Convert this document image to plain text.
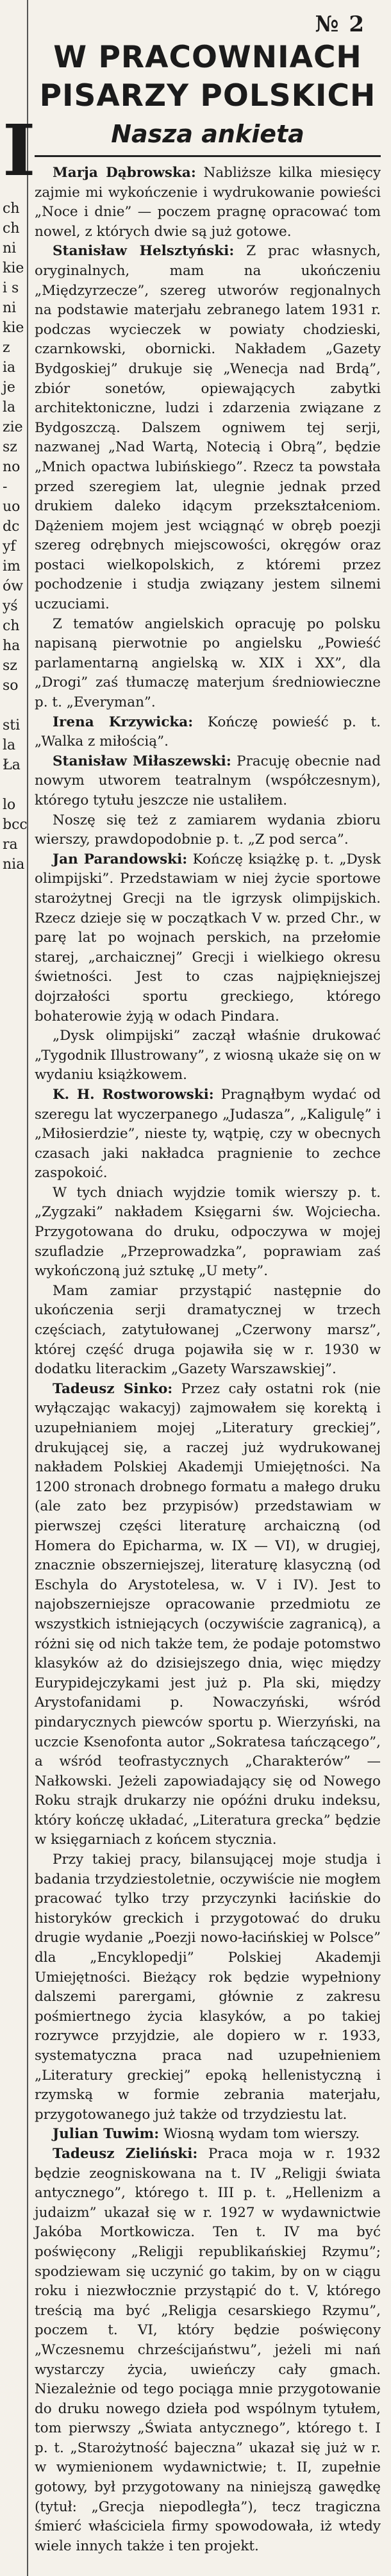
№ 2
I
ch
ch
ni
kie
i s
ni
kie
z
ia
je
la
zie
sz
no
-
uo
dc
yf
im
ów
yś
ch
ha
sz
so

sti
la
Ła

lo
bcc
ra
nia
W PRACOWNIACH
PISARZY POLSKICH
Nasza ankieta

Marja Dąbrowska: Nabliższe kilka miesięcy zajmie mi wykończenie i wydrukowanie powieści „Noce i dnie” — poczem pragnę opracować tom nowel, z których dwie są już gotowe.

Stanisław Helsztyński: Z prac własnych, oryginalnych, mam na ukończeniu „Międzyrzecze”, szereg utworów regjonalnych na podstawie materjału zebranego latem 1931 r. podczas wycieczek w powiaty chodzieski, czarnkowski, obornicki. Nakładem „Gazety Bydgoskiej” drukuje się „Wenecja nad Brdą”, zbiór sonetów, opiewających zabytki architektoniczne, ludzi i zdarzenia związane z Bydgoszczą. Dalszem ogniwem tej serji, nazwanej „Nad Wartą, Notecią i Obrą”, będzie „Mnich opactwa lubińskiego”. Rzecz ta powstała przed szeregiem lat, ulegnie jednak przed drukiem daleko idącym przekształceniom. Dążeniem mojem jest wciągnąć w obręb poezji szereg odrębnych miejscowości, okręgów oraz postaci wielkopolskich, z któremi przez pochodzenie i studja związany jestem silnemi uczuciami.

Z tematów angielskich opracuję po polsku napisaną pierwotnie po angielsku „Powieść parlamentarną angielską w. XIX i XX”, dla „Drogi” zaś tłumaczę materjum średniowieczne p. t. „Everyman”.

Irena Krzywicka: Kończę powieść p. t. „Walka z miłością”.

Stanisław Miłaszewski: Pracuję obecnie nad nowym utworem teatralnym (współczesnym), którego tytułu jeszcze nie ustaliłem.

Noszę się też z zamiarem wydania zbioru wierszy, prawdopodobnie p. t. „Z pod serca”.

Jan Parandowski: Kończę książkę p. t. „Dysk olimpijski”. Przedstawiam w niej życie sportowe starożytnej Grecji na tle igrzysk olimpijskich. Rzecz dzieje się w początkach V w. przed Chr., w parę lat po wojnach perskich, na przełomie starej, „archaicznej” Grecji i wielkiego okresu świetności. Jest to czas najpiękniejszej dojrzałości sportu greckiego, którego bohaterowie żyją w odach Pindara.

„Dysk olimpijski” zaczął właśnie drukować „Tygodnik Illustrowany”, z wiosną ukaże się on w wydaniu książkowem.

K. H. Rostworowski: Pragnąłbym wydać od szeregu lat wyczerpanego „Judasza”, „Kaligulę” i „Miłosierdzie”, nieste ty, wątpię, czy w obecnych czasach jaki nakładca pragnienie to zechce zaspokoić.

W tych dniach wyjdzie tomik wierszy p. t. „Zygzaki” nakładem Księgarni św. Wojciecha. Przygotowana do druku, odpoczywa w mojej szufladzie „Przeprowadzka”, poprawiam zaś wykończoną już sztukę „U mety”.

Mam zamiar przystąpić następnie do ukończenia serji dramatycznej w trzech częściach, zatytułowanej „Czerwony marsz”, której część druga pojawiła się w r. 1930 w dodatku literackim „Gazety Warszawskiej”.

Tadeusz Sinko: Przez cały ostatni rok (nie wyłączając wakacyj) zajmowałem się korektą i uzupełnianiem mojej „Literatury greckiej”, drukującej się, a raczej już wydrukowanej nakładem Polskiej Akademji Umiejętności. Na 1200 stronach drobnego formatu a małego druku (ale zato bez przypisów) przedstawiam w pierwszej części literaturę archaiczną (od Homera do Epicharma, w. IX — VI), w drugiej, znacznie obszerniejszej, literaturę klasyczną (od Eschyla do Arystotelesa, w. V i IV). Jest to najobszerniejsze opracowanie przedmiotu ze wszystkich istniejących (oczywiście zagranicą), a różni się od nich także tem, że podaje potomstwo klasyków aż do dzisiejszego dnia, więc między Eurypidejczykami jest już p. Pla ski, między Arystofanidami p. Nowaczyński, wśród pindarycznych piewców sportu p. Wierzyński, na uczcie Ksenofonta autor „Sokratesa tańczącego”, a wśród teofrastycznych „Charakterów” — Nałkowski. Jeżeli zapowiadający się od Nowego Roku strajk drukarzy nie opóźni druku indeksu, który kończę układać, „Literatura grecka” będzie w księgarniach z końcem stycznia.

Przy takiej pracy, bilansującej moje studja i badania trzydziestoletnie, oczywiście nie mogłem pracować tylko trzy przyczynki łacińskie do historyków greckich i przygotować do druku drugie wydanie „Poezji nowo-łacińskiej w Polsce” dla „Encyklopedji” Polskiej Akademji Umiejętności. Bieżący rok będzie wypełniony dalszemi parergami, głównie z zakresu pośmiertnego życia klasyków, a po takiej rozrywce przyjdzie, ale dopiero w r. 1933, systematyczna praca nad uzupełnieniem „Literatury greckiej” epoką hellenistyczną i rzymską w formie zebrania materjału, przygotowanego już także od trzydziestu lat.

Julian Tuwim: Wiosną wydam tom wierszy.

Tadeusz Zieliński: Praca moja w r. 1932 będzie zeogniskowana na t. IV „Religji świata antycznego”, którego t. III p. t. „Hellenizm a judaizm” ukazał się w r. 1927 w wydawnictwie Jakóba Mortkowicza. Ten t. IV ma być poświęcony „Religji republikańskiej Rzymu”; spodziewam się uczynić go takim, by on w ciągu roku i niezwłocznie przystąpić do t. V, którego treścią ma być „Religja cesarskiego Rzymu”, poczem t. VI, który będzie poświęcony „Wczesnemu chrześcijaństwu”, jeżeli mi nań wystarczy życia, uwieńczy cały gmach. Niezależnie od tego pociąga mnie przygotowanie do druku nowego dzieła pod wspólnym tytułem, tom pierwszy „Świata antycznego”, którego t. I p. t. „Starożytność bajeczna” ukazał się już w r. w wymienionem wydawnictwie; t. II, zupełnie gotowy, był przygotowany na niniejszą gawędkę (tytuł: „Grecja niepodległa”), tecz tragiczna śmierć właściciela firmy spowodowała, iż wtedy wiele innych także i ten projekt.
